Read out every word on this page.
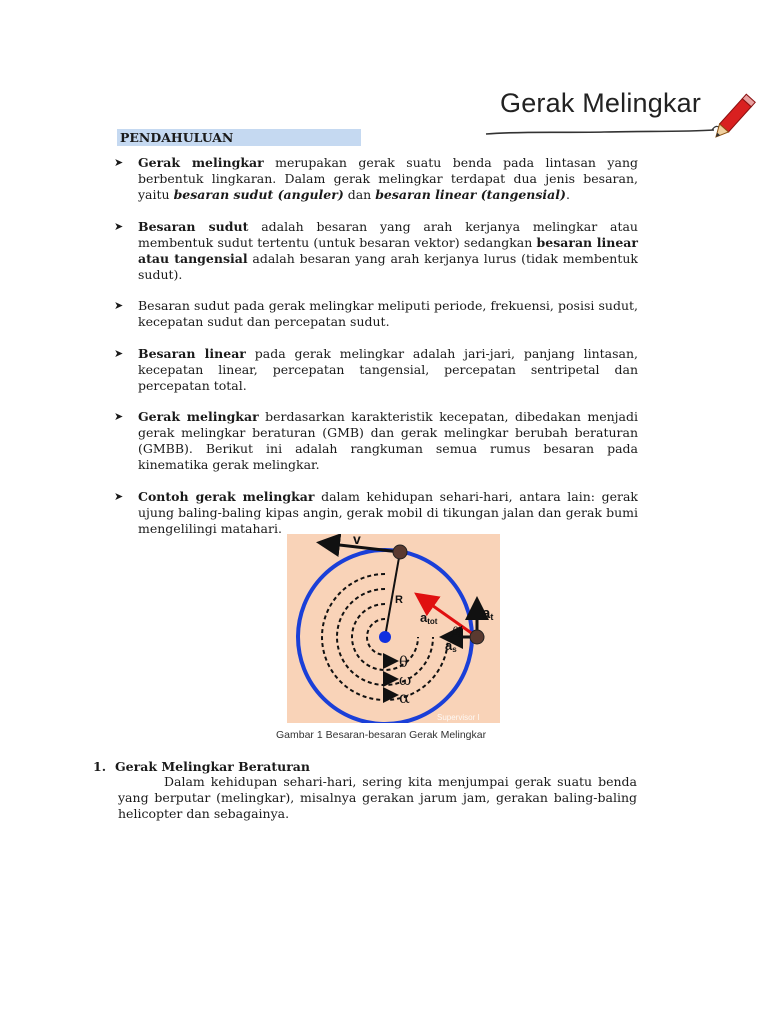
Gerak Melingkar
PENDAHULUAN
➤ Gerak melingkar merupakan gerak suatu benda pada lintasan yang berbentuk lingkaran. Dalam gerak melingkar terdapat dua jenis besaran, yaitu besaran sudut (anguler) dan besaran linear (tangensial).
➤ Besaran sudut adalah besaran yang arah kerjanya melingkar atau membentuk sudut tertentu (untuk besaran vektor) sedangkan besaran linear atau tangensial adalah besaran yang arah kerjanya lurus (tidak membentuk sudut).
➤ Besaran sudut pada gerak melingkar meliputi periode, frekuensi, posisi sudut, kecepatan sudut dan percepatan sudut.
➤ Besaran linear pada gerak melingkar adalah jari-jari, panjang lintasan, kecepatan linear, percepatan tangensial, percepatan sentripetal dan percepatan total.
➤ Gerak melingkar berdasarkan karakteristik kecepatan, dibedakan menjadi gerak melingkar beraturan (GMB) dan gerak melingkar berubah beraturan (GMBB). Berikut ini adalah rangkuman semua rumus besaran pada kinematika gerak melingkar.
➤ Contoh gerak melingkar dalam kehidupan sehari-hari, antara lain: gerak ujung baling-baling kipas angin, gerak mobil di tikungan jalan dan gerak bumi mengelilingi matahari.
v
R
atot	at
as
β
θ
ω
α
Supervisor I
Gambar 1 Besaran-besaran Gerak Melingkar
1. Gerak Melingkar Beraturan
Dalam kehidupan sehari-hari, sering kita menjumpai gerak suatu benda yang berputar (melingkar), misalnya gerakan jarum jam, gerakan baling-baling helicopter dan sebagainya.
